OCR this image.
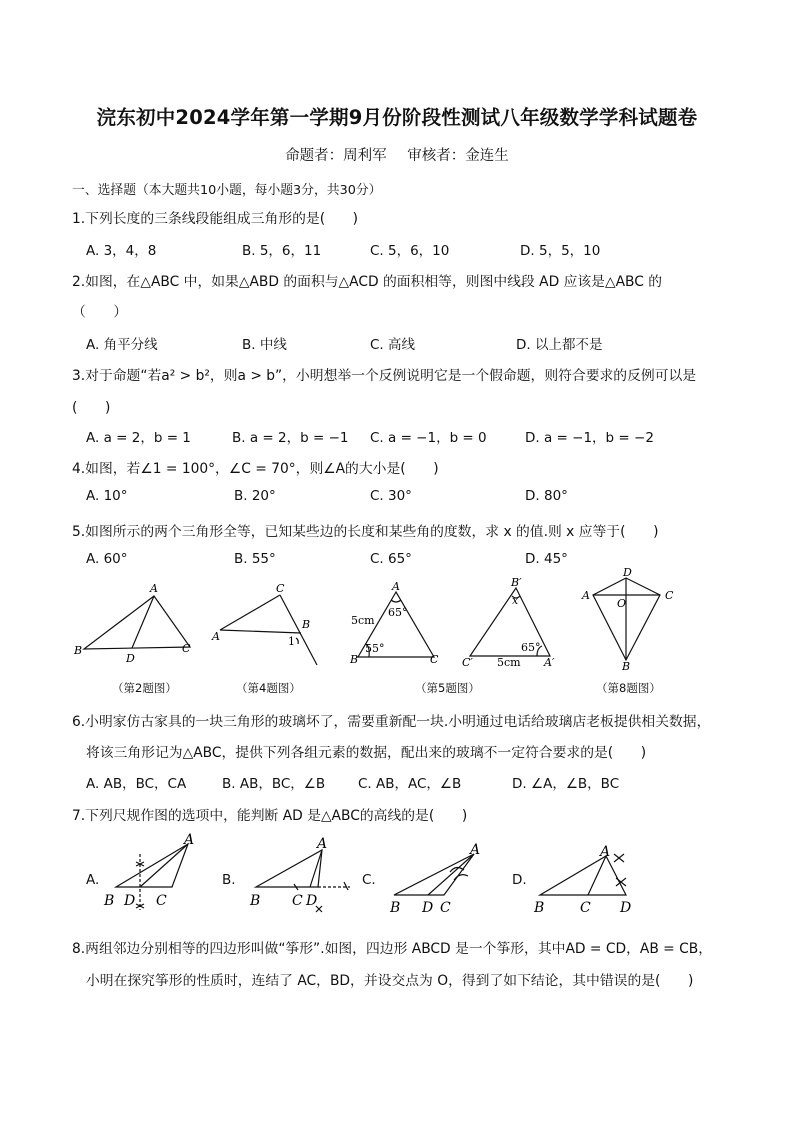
浣东初中2024学年第一学期9月份阶段性测试八年级数学学科试题卷
命题者：周利军 审核者：金连生
一、选择题（本大题共10小题，每小题3分，共30分）
1.下列长度的三条线段能组成三角形的是(　　)
A. 3，4，8	B. 5，6，11	C. 5，6，10	D. 5，5，10
2.如图，在△ABC 中，如果△ABD 的面积与△ACD 的面积相等，则图中线段 AD 应该是△ABC 的
（　　）
A. 角平分线	B. 中线	C. 高线	D. 以上都不是
3.对于命题“若a² > b²，则a > b”，小明想举一个反例说明它是一个假命题，则符合要求的反例可以是
(　　)
A. a = 2，b = 1	B. a = 2，b = −1 C. a = −1，b = 0	D. a = −1，b = −2
4.如图，若∠1 = 100°，∠C = 70°，则∠A的大小是(　　)
A. 10°	B. 20°	C. 30°	D. 80°
5.如图所示的两个三角形全等，已知某些边的长度和某些角的度数，求 x 的值.则 x 应等于(　　)
A. 60°	B. 55°	C. 65°	D. 45°
A
B	C
D
（第2题图）
C
A
B
1
（第4题图）
A
B	C
5cm
65°
55°
B′
C′	A′
5cm
65°
x
（第5题图）
D
A	C
O
B
（第8题图）
6.小明家仿古家具的一块三角形的玻璃坏了，需要重新配一块.小明通过电话给玻璃店老板提供相关数据，
将该三角形记为△ABC，提供下列各组元素的数据，配出来的玻璃不一定符合要求的是(　　)
A. AB，BC，CA	B. AB，BC，∠B C. AB，AC，∠B	D. ∠A，∠B，BC
7.下列尺规作图的选项中，能判断 AD 是△ABC的高线的是(　　)
A.
A
B D C
B.
A
B C D
C.
A
B D C
D.
A
B	C D
8.两组邻边分别相等的四边形叫做“筝形”.如图，四边形 ABCD 是一个筝形，其中AD = CD，AB = CB，
小明在探究筝形的性质时，连结了 AC，BD，并设交点为 O，得到了如下结论，其中错误的是(　　)
